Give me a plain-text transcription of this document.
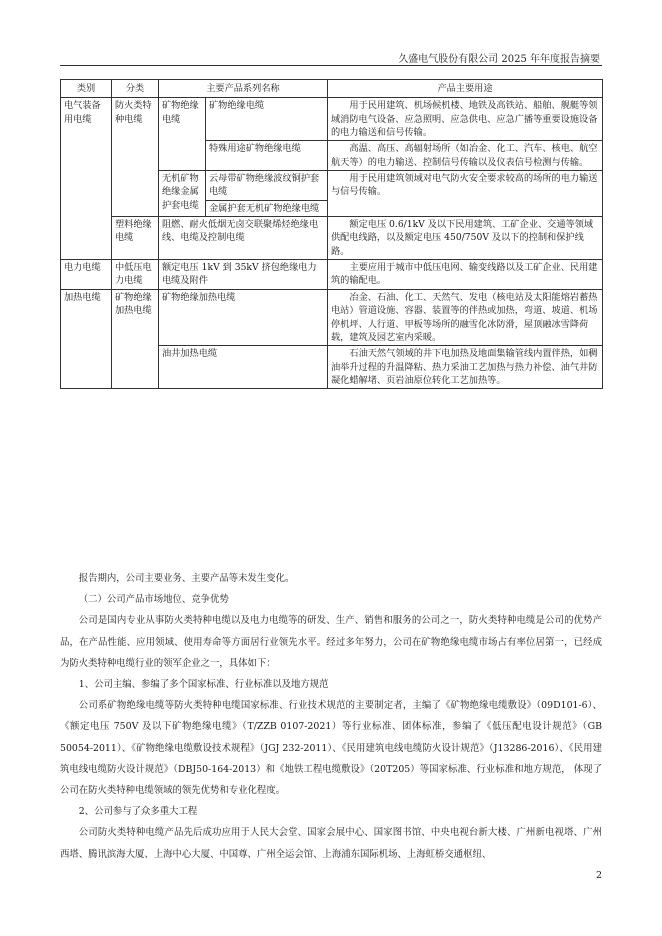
久盛电气股份有限公司 2025 年年度报告摘要
类别	分类	主要产品系列名称		产品主要用途
电气装备用电缆	防火类特种电缆	矿物绝缘电缆	矿物绝缘电缆	用于民用建筑、机场候机楼、地铁及高铁站、船舶、舰艇等领域消防电气设备、应急照明、应急供电、应急广播等重要设施设备的电力输送和信号传输。
			特殊用途矿物绝缘电缆	高温、高压、高辐射场所（如冶金、化工、汽车、核电、航空航天等）的电力输送、控制信号传输以及仪表信号检测与传输。
		无机矿物绝缘金属护套电缆	云母带矿物绝缘波纹铜护套电缆	用于民用建筑领域对电气防火安全要求较高的场所的电力输送与信号传输。
			金属护套无机矿物绝缘电缆	
	塑料绝缘电缆	阻燃、耐火低烟无卤交联聚烯烃绝缘电线、电缆及控制电缆		额定电压 0.6/1kV 及以下民用建筑、工矿企业、交通等领域供配电线路，以及额定电压 450/750V 及以下的控制和保护线路。
电力电缆	中低压电力电缆	额定电压 1kV 到 35kV 挤包绝缘电力电缆及附件		主要应用于城市中低压电网、输变线路以及工矿企业、民用建筑的输配电。
加热电缆	矿物绝缘加热电缆	矿物绝缘加热电缆		冶金、石油、化工、天然气、发电（核电站及太阳能熔岩蓄热电站）管道设施、容器、装置等的伴热或加热，弯道、坡道、机场停机坪、人行道、甲板等场所的融雪化冰防滑，屋顶融冰雪降荷载，建筑及园艺室内采暖。
		油井加热电缆		石油天然气领域的井下电加热及地面集输管线内置伴热，如稠油举升过程的升温降粘、热力采油工艺加热与热力补偿、油气井防凝化蜡解堵、页岩油原位转化工艺加热等。

报告期内，公司主要业务、主要产品等未发生变化。

（二）公司产品市场地位、竞争优势

公司是国内专业从事防火类特种电缆以及电力电缆等的研发、生产、销售和服务的公司之一，防火类特种电缆是公司的优势产品，在产品性能、应用领域、使用寿命等方面居行业领先水平。经过多年努力，公司在矿物绝缘电缆市场占有率位居第一，已经成为防火类特种电缆行业的领军企业之一，具体如下：

1、公司主编、参编了多个国家标准、行业标准以及地方规范

公司系矿物绝缘电缆等防火类特种电缆国家标准、行业技术规范的主要制定者，主编了《矿物绝缘电缆敷设》（09D101-6）、《额定电压 750V 及以下矿物绝缘电缆》（T/ZZB 0107-2021）等行业标准、团体标准，参编了《低压配电设计规范》（GB 50054-2011）、《矿物绝缘电缆敷设技术规程》（JGJ 232-2011）、《民用建筑电线电缆防火设计规范》（J13286-2016）、《民用建筑电线电缆防火设计规范》（DBJ50-164-2013）和《地铁工程电缆敷设》（20T205）等国家标准、行业标准和地方规范， 体现了公司在防火类特种电缆领域的领先优势和专业化程度。

2、公司参与了众多重大工程

公司防火类特种电缆产品先后成功应用于人民大会堂、国家会展中心、国家图书馆、中央电视台新大楼、广州新电视塔、广州西塔、腾讯滨海大厦、上海中心大厦、中国尊、广州全运会馆、上海浦东国际机场、上海虹桥交通枢纽、

2
